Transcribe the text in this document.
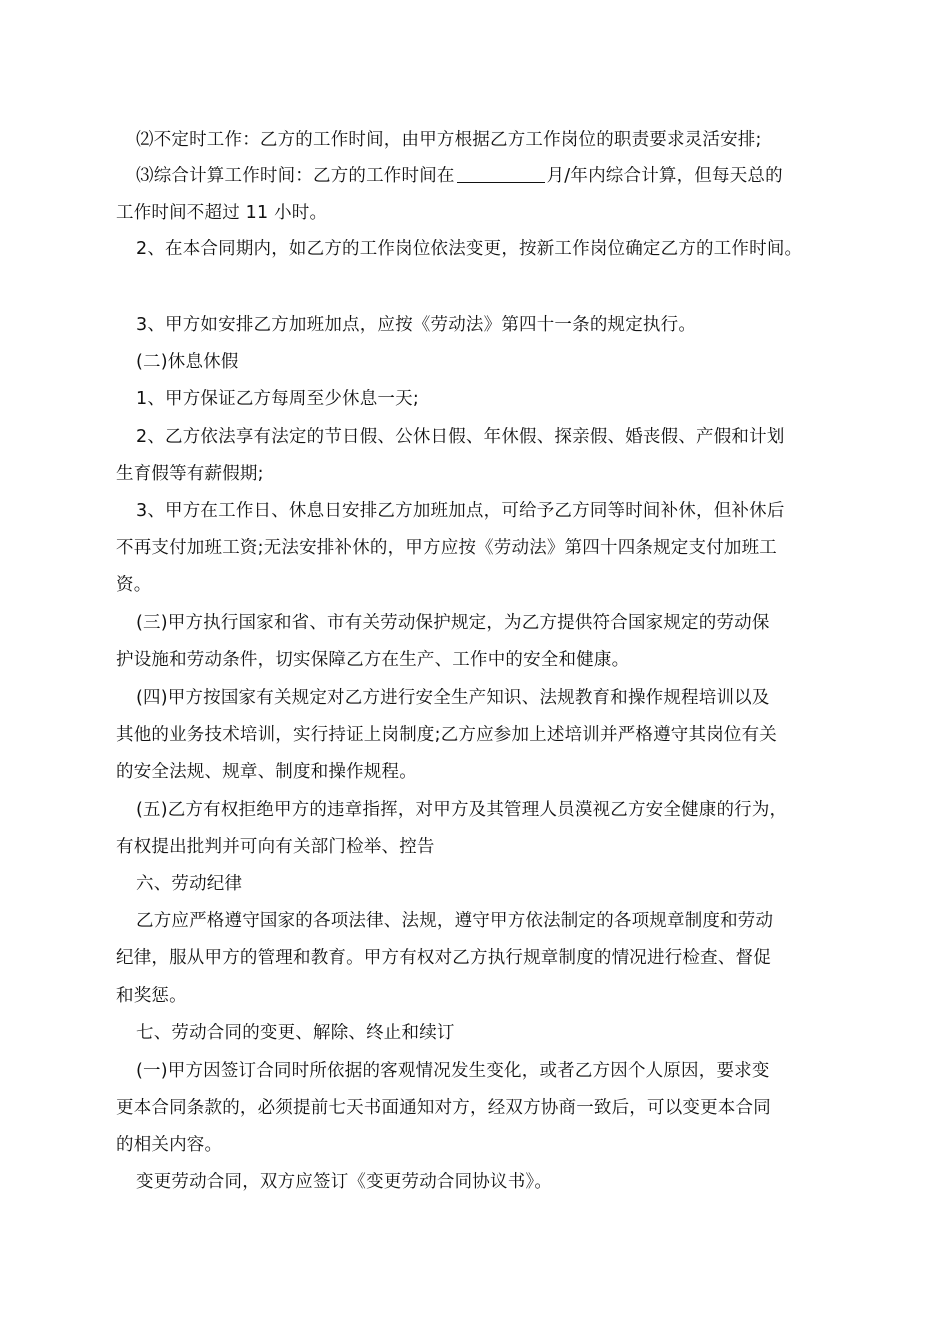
⑵不定时工作：乙方的工作时间，由甲方根据乙方工作岗位的职责要求灵活安排;
⑶综合计算工作时间：乙方的工作时间在	月/年内综合计算，但每天总的
工作时间不超过 11 小时。
2、在本合同期内，如乙方的工作岗位依法变更，按新工作岗位确定乙方的工作时间。
3、甲方如安排乙方加班加点，应按《劳动法》第四十一条的规定执行。
(二)休息休假
1、甲方保证乙方每周至少休息一天;
2、乙方依法享有法定的节日假、公休日假、年休假、探亲假、婚丧假、产假和计划
生育假等有薪假期;
3、甲方在工作日、休息日安排乙方加班加点，可给予乙方同等时间补休，但补休后
不再支付加班工资;无法安排补休的，甲方应按《劳动法》第四十四条规定支付加班工
资。
(三)甲方执行国家和省、市有关劳动保护规定，为乙方提供符合国家规定的劳动保
护设施和劳动条件，切实保障乙方在生产、工作中的安全和健康。
(四)甲方按国家有关规定对乙方进行安全生产知识、法规教育和操作规程培训以及
其他的业务技术培训，实行持证上岗制度;乙方应参加上述培训并严格遵守其岗位有关
的安全法规、规章、制度和操作规程。
(五)乙方有权拒绝甲方的违章指挥，对甲方及其管理人员漠视乙方安全健康的行为，
有权提出批判并可向有关部门检举、控告
六、劳动纪律
乙方应严格遵守国家的各项法律、法规，遵守甲方依法制定的各项规章制度和劳动
纪律，服从甲方的管理和教育。甲方有权对乙方执行规章制度的情况进行检查、督促
和奖惩。
七、劳动合同的变更、解除、终止和续订
(一)甲方因签订合同时所依据的客观情况发生变化，或者乙方因个人原因，要求变
更本合同条款的，必须提前七天书面通知对方，经双方协商一致后，可以变更本合同
的相关内容。
变更劳动合同，双方应签订《变更劳动合同协议书》。
